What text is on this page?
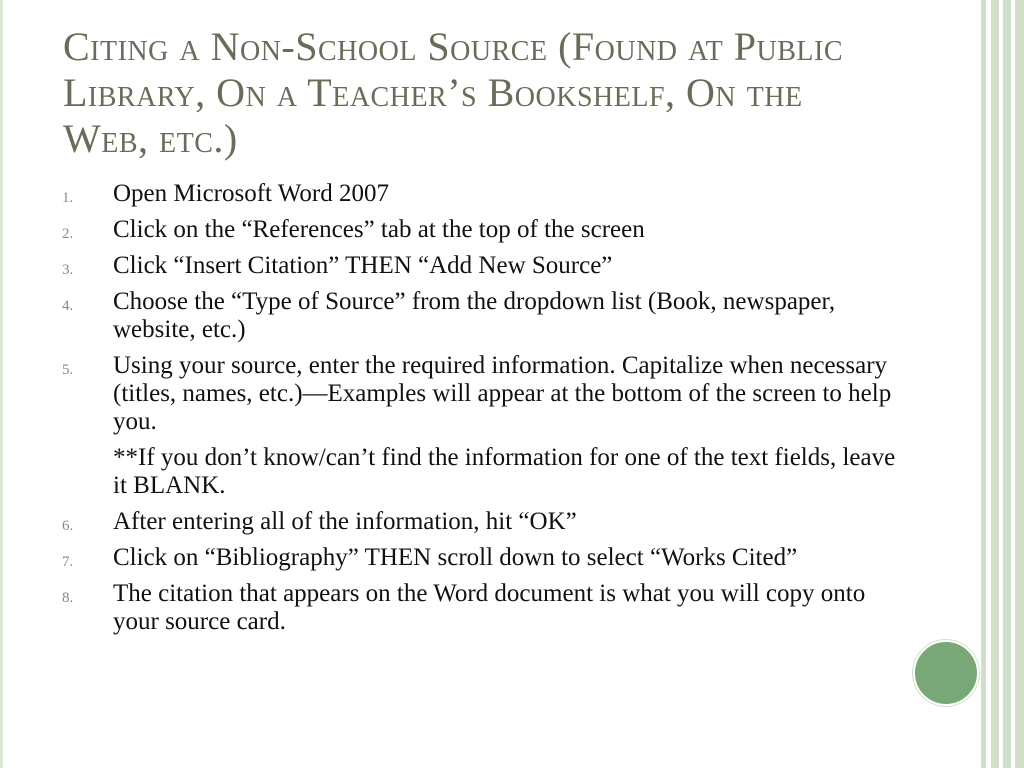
Citing a Non-School Source (Found at Public Library, On a Teacher’s Bookshelf, On the Web, etc.)
1. Open Microsoft Word 2007
2. Click on the “References” tab at the top of the screen
3. Click “Insert Citation” THEN “Add New Source”
4. Choose the “Type of Source” from the dropdown list (Book, newspaper, website, etc.)
5. Using your source, enter the required information. Capitalize when necessary (titles, names, etc.)—Examples will appear at the bottom of the screen to help you.
**If you don’t know/can’t find the information for one of the text fields, leave it BLANK.
6. After entering all of the information, hit “OK”
7. Click on “Bibliography” THEN scroll down to select “Works Cited”
8. The citation that appears on the Word document is what you will copy onto your source card.
